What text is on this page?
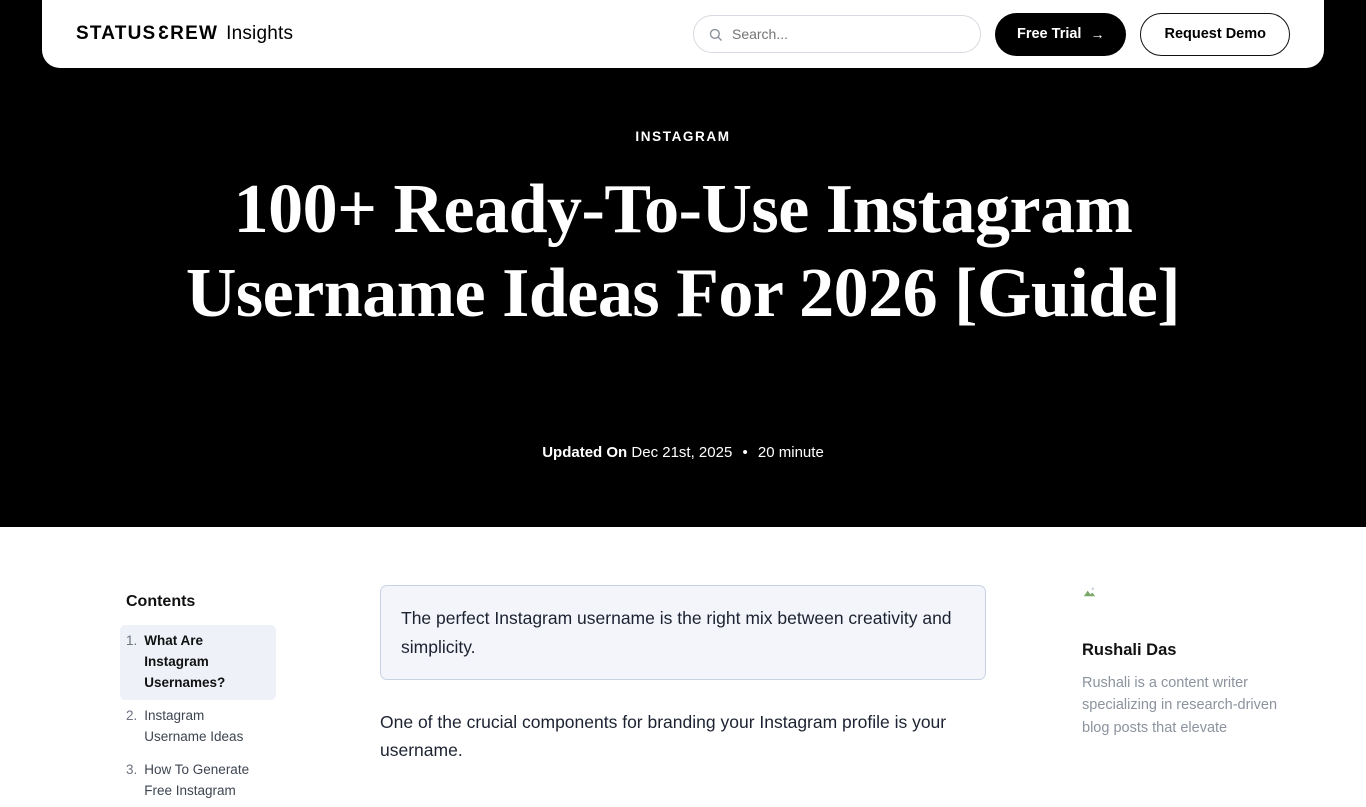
INSTAGRAM
100+ Ready-To-Use Instagram Username Ideas For 2026 [Guide]
Updated On Dec 21st, 2025 • 20 minute
STATUS 3 REW Insights
Search...	Free Trial →	Request Demo
Contents
1. What Are Instagram Usernames?
2. Instagram Username Ideas
3. How To Generate Free Instagram
The perfect Instagram username is the right mix between creativity and simplicity.

One of the crucial components for branding your Instagram profile is your username.

Rushali Das
Rushali is a content writer specializing in research-driven blog posts that elevate
